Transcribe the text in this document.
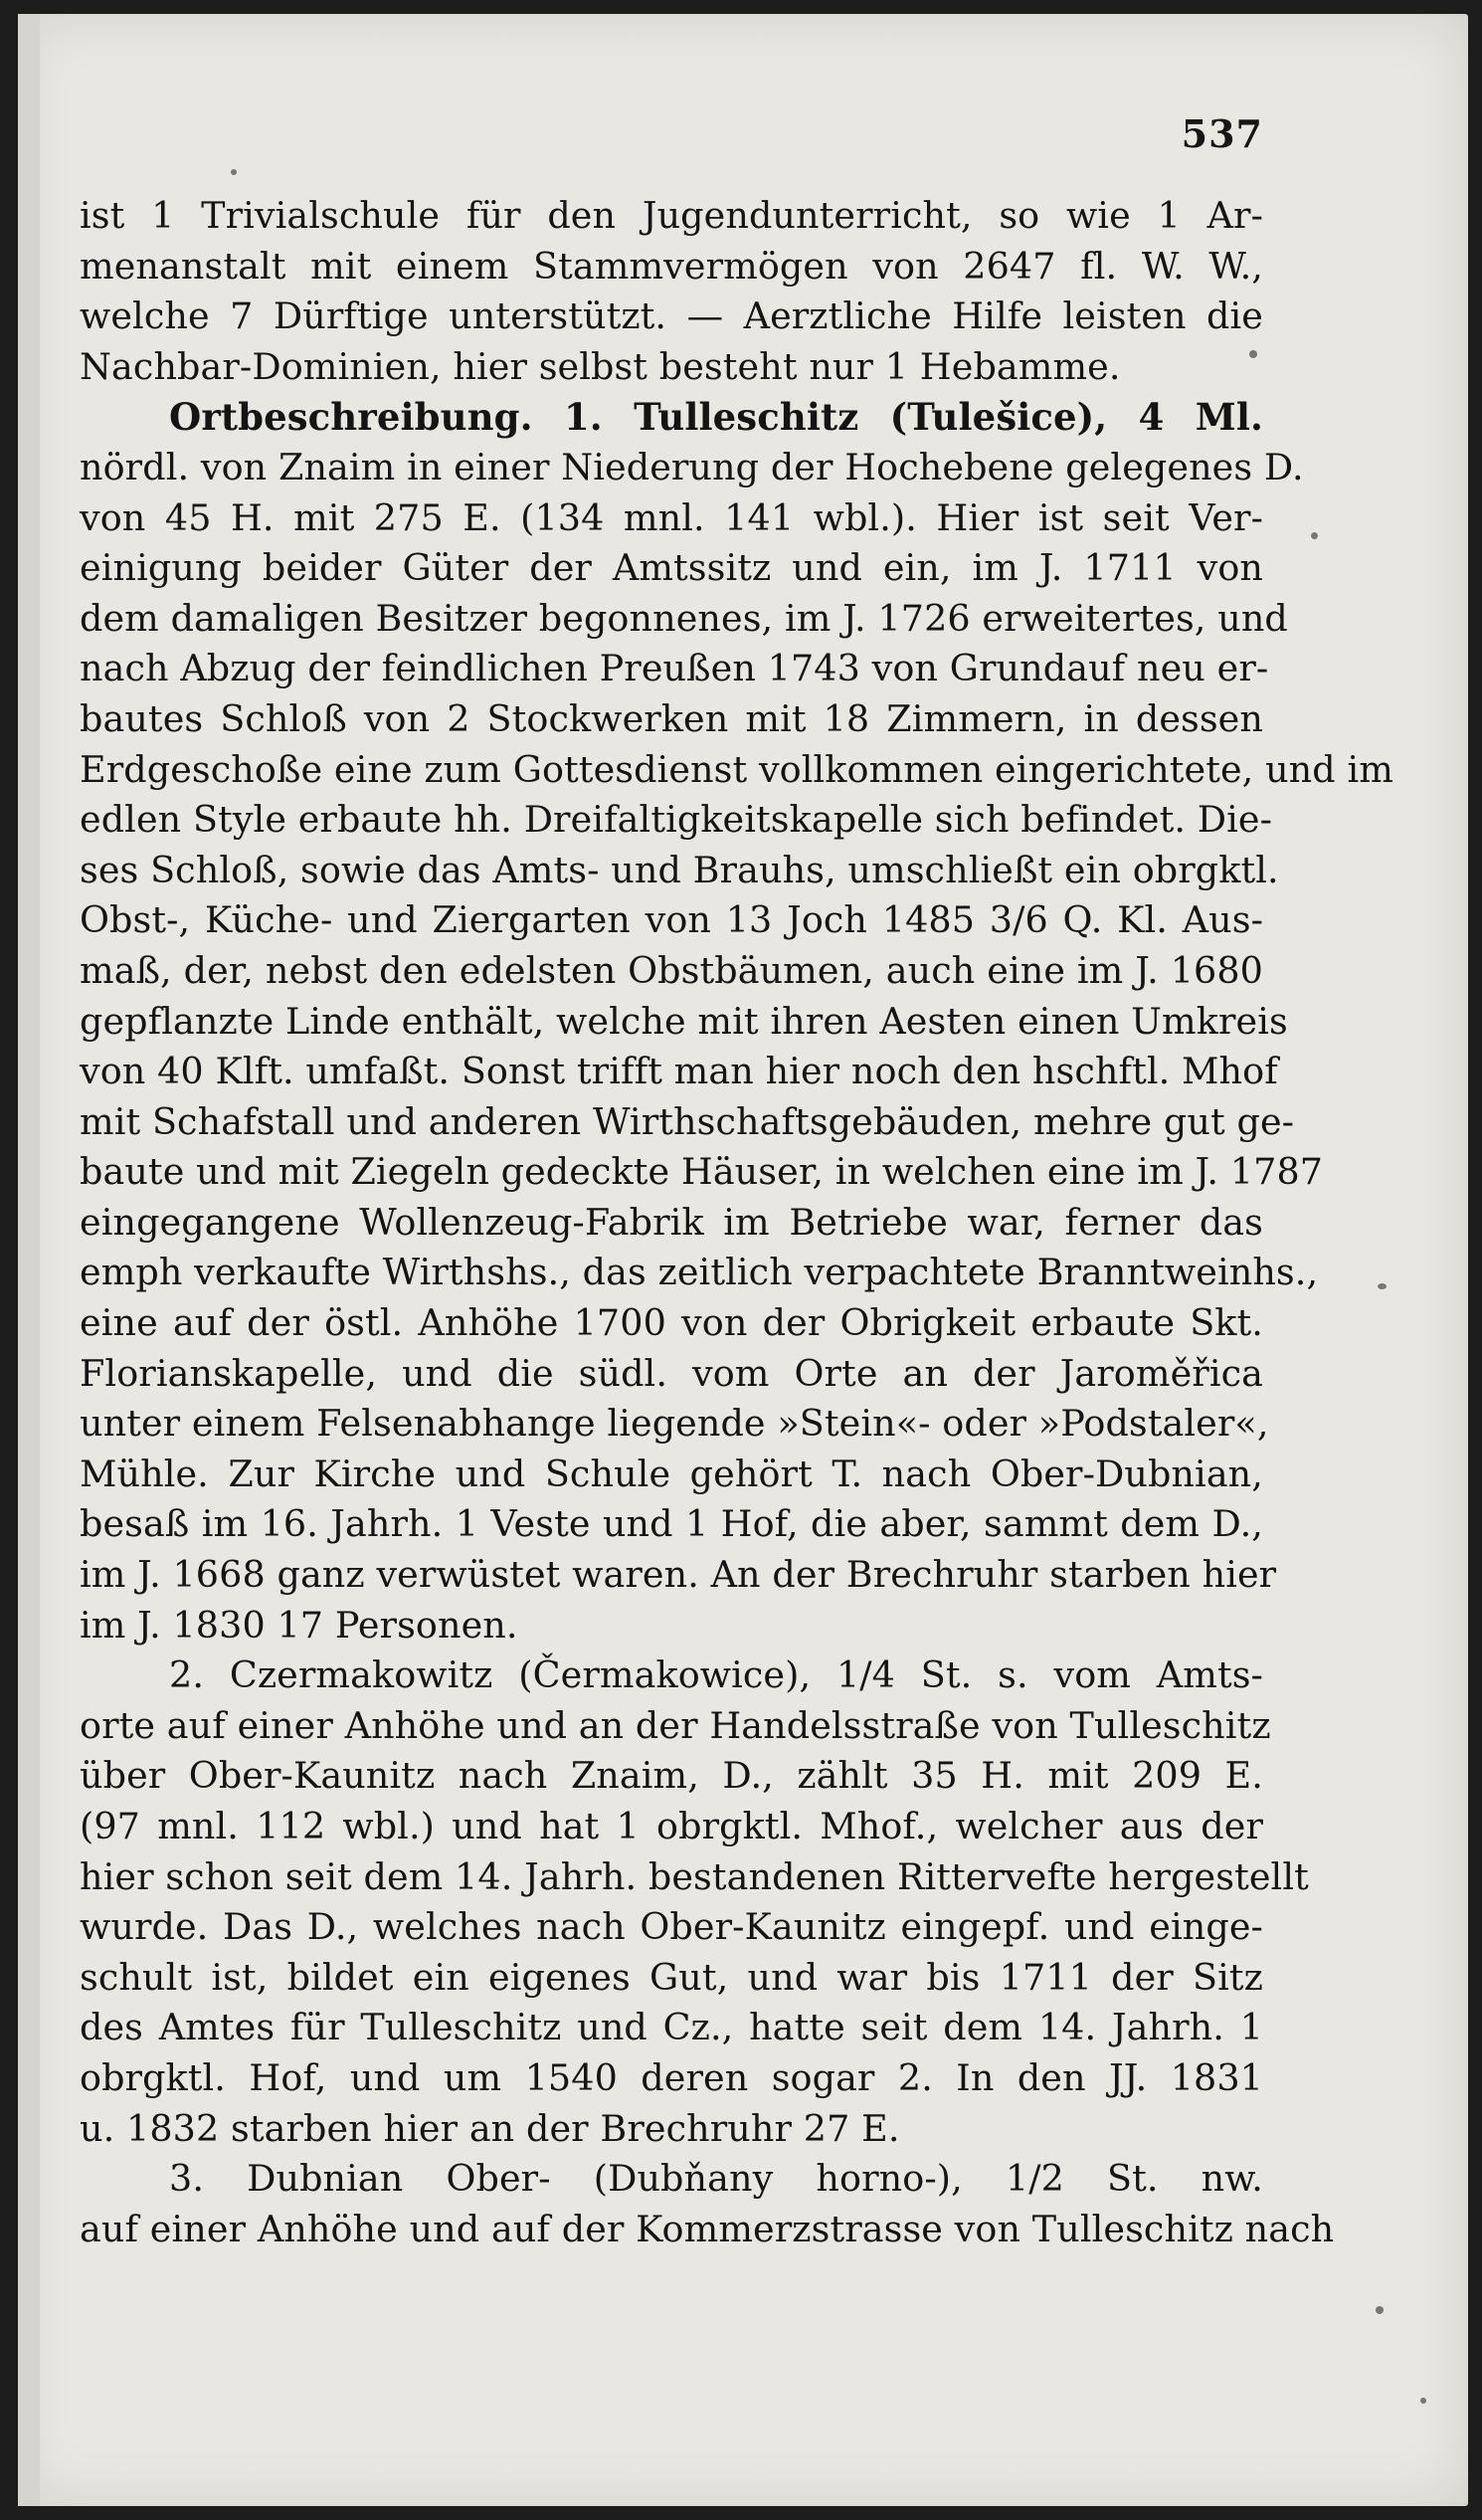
537
ist 1 Trivialschule für den Jugendunterricht, so wie 1 Ar-
menanstalt mit einem Stammvermögen von 2647 fl. W. W.,
welche 7 Dürftige unterstützt. — Aerztliche Hilfe leisten die
Nachbar-Dominien, hier selbst besteht nur 1 Hebamme.
Ortbeschreibung. 1. Tulleschitz (Tulešice), 4 Ml.
nördl. von Znaim in einer Niederung der Hochebene gelegenes D.
von 45 H. mit 275 E. (134 mnl. 141 wbl.). Hier ist seit Ver-
einigung beider Güter der Amtssitz und ein, im J. 1711 von
dem damaligen Besitzer begonnenes, im J. 1726 erweitertes, und
nach Abzug der feindlichen Preußen 1743 von Grundauf neu er-
bautes Schloß von 2 Stockwerken mit 18 Zimmern, in dessen
Erdgeschoße eine zum Gottesdienst vollkommen eingerichtete, und im
edlen Style erbaute hh. Dreifaltigkeitskapelle sich befindet. Die-
ses Schloß, sowie das Amts- und Brauhs, umschließt ein obrgktl.
Obst-, Küche- und Ziergarten von 13 Joch 1485 3/6 Q. Kl. Aus-
maß, der, nebst den edelsten Obstbäumen, auch eine im J. 1680
gepflanzte Linde enthält, welche mit ihren Aesten einen Umkreis
von 40 Klft. umfaßt. Sonst trifft man hier noch den hschftl. Mhof
mit Schafstall und anderen Wirthschaftsgebäuden, mehre gut ge-
baute und mit Ziegeln gedeckte Häuser, in welchen eine im J. 1787
eingegangene Wollenzeug-Fabrik im Betriebe war, ferner das
emph verkaufte Wirthshs., das zeitlich verpachtete Branntweinhs.,
eine auf der östl. Anhöhe 1700 von der Obrigkeit erbaute Skt.
Florianskapelle, und die südl. vom Orte an der Jaroměřica
unter einem Felsenabhange liegende »Stein«- oder »Podstaler«,
Mühle. Zur Kirche und Schule gehört T. nach Ober-Dubnian,
besaß im 16. Jahrh. 1 Veste und 1 Hof, die aber, sammt dem D.,
im J. 1668 ganz verwüstet waren. An der Brechruhr starben hier
im J. 1830 17 Personen.
2. Czermakowitz (Čermakowice), 1/4 St. s. vom Amts-
orte auf einer Anhöhe und an der Handelsstraße von Tulleschitz
über Ober-Kaunitz nach Znaim, D., zählt 35 H. mit 209 E.
(97 mnl. 112 wbl.) und hat 1 obrgktl. Mhof., welcher aus der
hier schon seit dem 14. Jahrh. bestandenen Rittervefte hergestellt
wurde. Das D., welches nach Ober-Kaunitz eingepf. und einge-
schult ist, bildet ein eigenes Gut, und war bis 1711 der Sitz
des Amtes für Tulleschitz und Cz., hatte seit dem 14. Jahrh. 1
obrgktl. Hof, und um 1540 deren sogar 2. In den JJ. 1831
u. 1832 starben hier an der Brechruhr 27 E.
3. Dubnian Ober- (Dubňany horno-), 1/2 St. nw.
auf einer Anhöhe und auf der Kommerzstrasse von Tulleschitz nach
